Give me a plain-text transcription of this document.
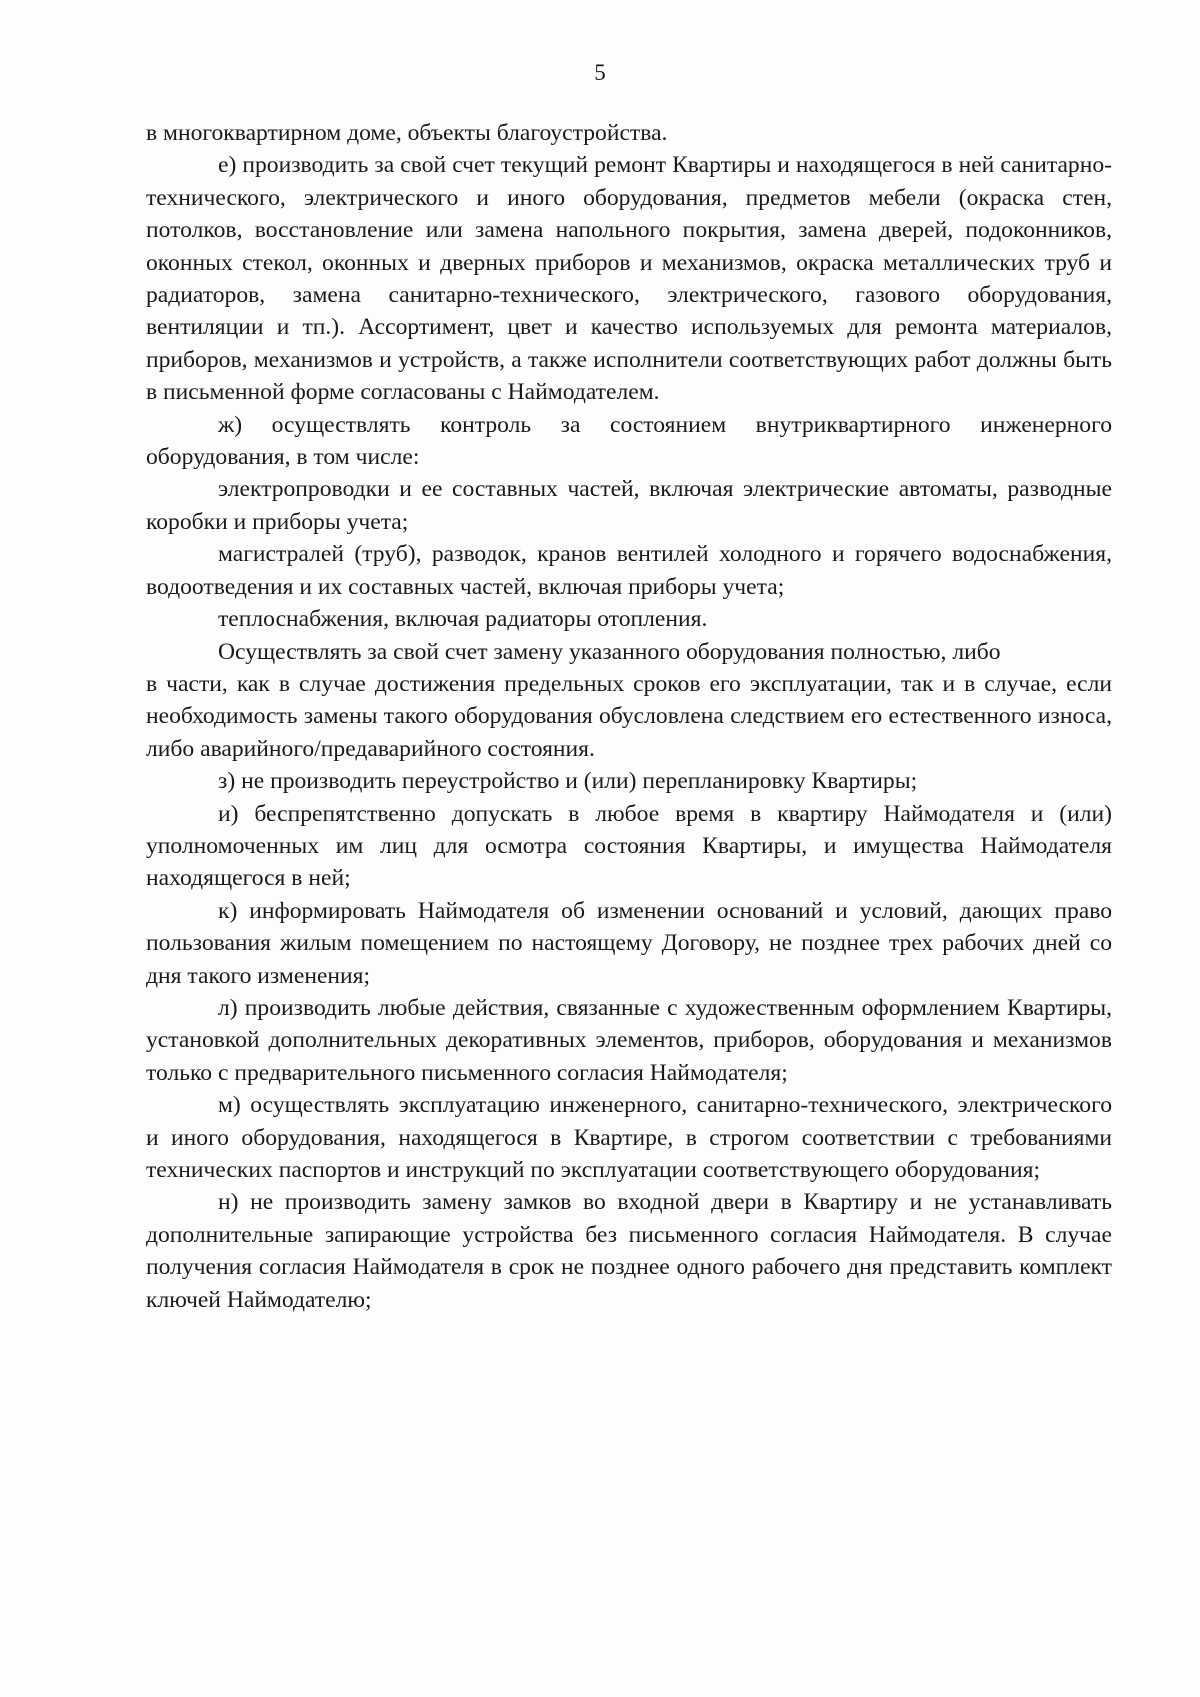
5

в многоквартирном доме, объекты благоустройства.

е) производить за свой счет текущий ремонт Квартиры и находящегося в ней санитарно-технического, электрического и иного оборудования, предметов мебели (окраска стен, потолков, восстановление или замена напольного покрытия, замена дверей, подоконников, оконных стекол, оконных и дверных приборов и механизмов, окраска металлических труб и радиаторов, замена санитарно-технического, электрического, газового оборудования, вентиляции и тп.). Ассортимент, цвет и качество используемых для ремонта материалов, приборов, механизмов и устройств, а также исполнители соответствующих работ должны быть в письменной форме согласованы с Наймодателем.

ж) осуществлять контроль за состоянием внутриквартирного инженерного оборудования, в том числе:

электропроводки и ее составных частей, включая электрические автоматы, разводные коробки и приборы учета;

магистралей (труб), разводок, кранов вентилей холодного и горячего водоснабжения, водоотведения и их составных частей, включая приборы учета;

теплоснабжения, включая радиаторы отопления.

Осуществлять за свой счет замену указанного оборудования полностью, либо

в части, как в случае достижения предельных сроков его эксплуатации, так и в случае, если необходимость замены такого оборудования обусловлена следствием его естественного износа, либо аварийного/предаварийного состояния.

з) не производить переустройство и (или) перепланировку Квартиры;

и) беспрепятственно допускать в любое время в квартиру Наймодателя и (или) уполномоченных им лиц для осмотра состояния Квартиры, и имущества Наймодателя находящегося в ней;

к) информировать Наймодателя об изменении оснований и условий, дающих право пользования жилым помещением по настоящему Договору, не позднее трех рабочих дней со дня такого изменения;

л) производить любые действия, связанные с художественным оформлением Квартиры, установкой дополнительных декоративных элементов, приборов, оборудования и механизмов только с предварительного письменного согласия Наймодателя;

м) осуществлять эксплуатацию инженерного, санитарно-технического, электрического и иного оборудования, находящегося в Квартире, в строгом соответствии с требованиями технических паспортов и инструкций по эксплуатации соответствующего оборудования;

н) не производить замену замков во входной двери в Квартиру и не устанавливать дополнительные запирающие устройства без письменного согласия Наймодателя. В случае получения согласия Наймодателя в срок не позднее одного рабочего дня представить комплект ключей Наймодателю;
